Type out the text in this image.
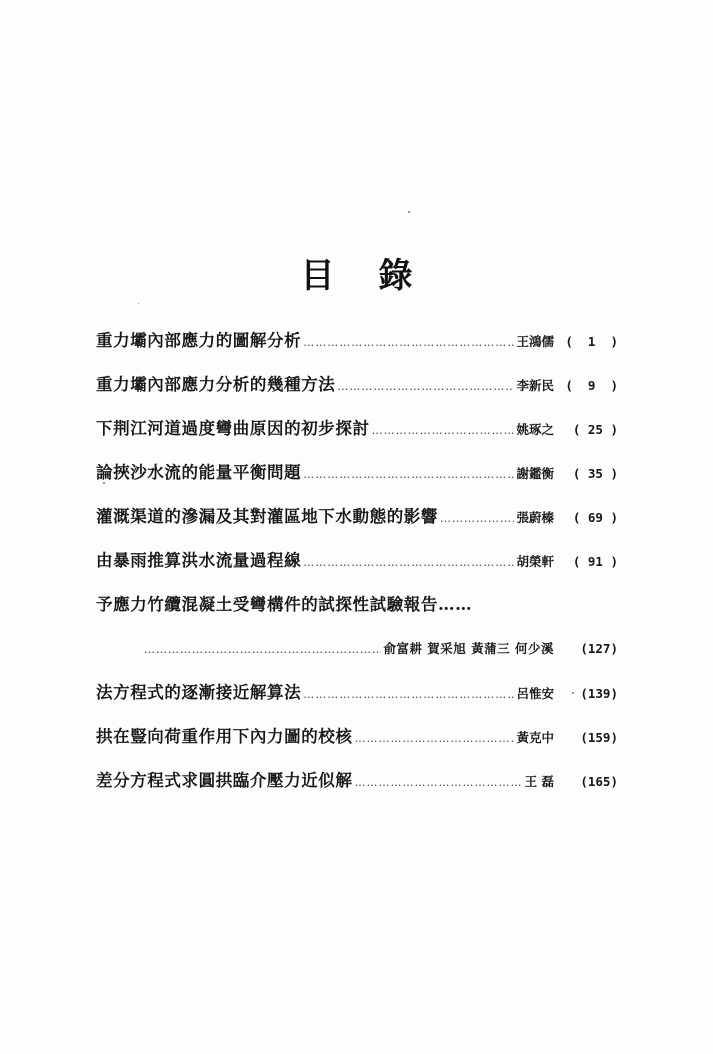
目 錄
重力壩內部應力的圖解分析 ………………………………………………………………………………………………………………………………………………	王鴻儒 (  1  )
重力壩內部應力分析的幾種方法 ………………………………………………………………………………………………………………………………………………	李新民 (  9  )
下荆江河道過度彎曲原因的初步探討 ………………………………………………………………………………………………………………………………………………	姚琢之	( 25 )
論挾沙水流的能量平衡問題 ………………………………………………………………………………………………………………………………………………	謝鑑衡	( 35 )
灌溉渠道的滲漏及其對灌區地下水動態的影響 ………………………………………………………………………………………………………………………………………………	張蔚榛	( 69 )
由暴雨推算洪水流量過程線 ………………………………………………………………………………………………………………………………………………	胡榮軒	( 91 )
予應力竹纜混凝土受彎構件的試探性試驗報告……
………………………………………………………………………………………………………………………………………………
俞富耕 賀采旭 黃蒲三 何少溪	(127)
法方程式的逐漸接近解算法 ………………………………………………………………………………………………………………………………………………	呂惟安	(139)
拱在豎向荷重作用下內力圖的校核 ………………………………………………………………………………………………………………………………………………	黃克中	(159)
差分方程式求圓拱臨介壓力近似解 ………………………………………………………………………………………………………………………………………………	王 磊	(165)
